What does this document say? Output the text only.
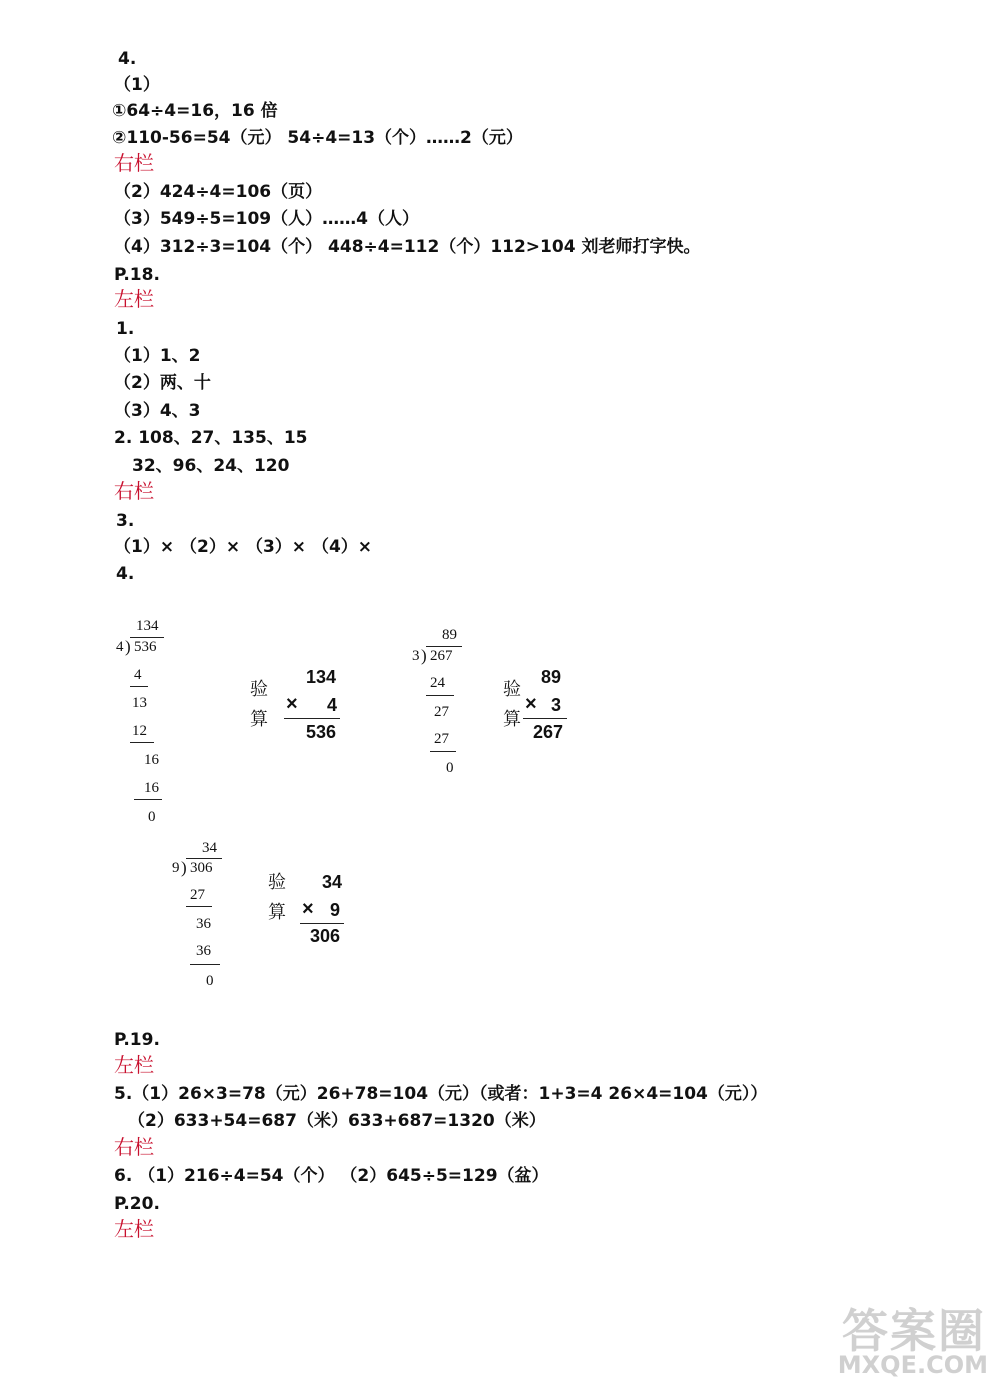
4.
（1）
①64÷4=16，16 倍
②110-56=54（元） 54÷4=13（个）……2（元）
右栏
（2）424÷4=106（页）
（3）549÷5=109（人）……4（人）
（4）312÷3=104（个） 448÷4=112（个）112>104 刘老师打字快。
P.18.
左栏
1.
（1）1、2
（2）两、十
（3）4、3
2. 108、27、135、15
32、96、24、120
右栏
3.
（1）× （2）× （3）× （4）×
4.
P.19.
左栏
5.（1）26×3=78（元）26+78=104（元）（或者：1+3=4 26×4=104（元））
（2）633+54=687（米）633+687=1320（米）
右栏
6. （1）216÷4=54（个） （2）645÷5=129（盆）
P.20.
左栏
134
4 ) 536
4
13
12
16
16
0
验
算
134
× 4
536
89
3 ) 267
24
27
27
0
验
算
89
× 3
267
34
9 ) 306
27
36
36
0
验
算
34
× 9
306
答案圈
MXQE.COM
